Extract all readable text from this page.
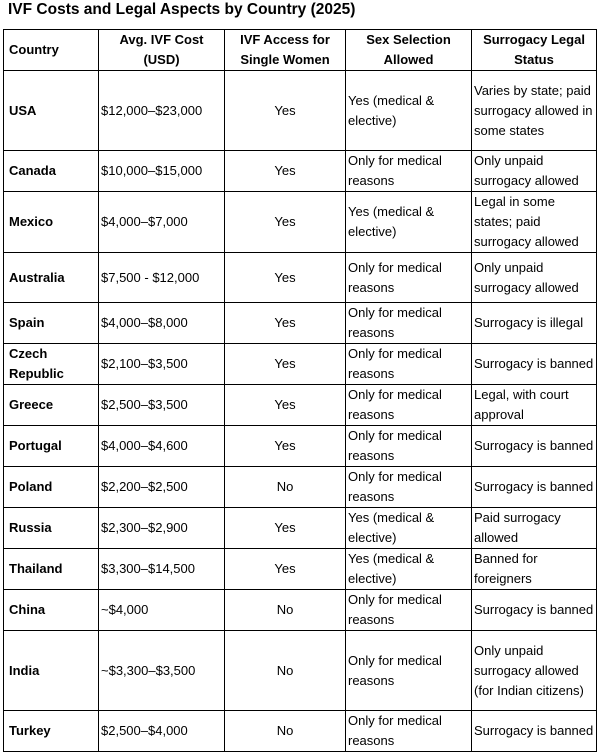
IVF Costs and Legal Aspects by Country (2025)
Country	Avg. IVF Cost (USD)	IVF Access for Single Women	Sex Selection Allowed	Surrogacy Legal Status
USA	$12,000–$23,000	Yes	Yes (medical & elective)	Varies by state; paid surrogacy allowed in some states
Canada	$10,000–$15,000	Yes	Only for medical reasons	Only unpaid surrogacy allowed
Mexico	$4,000–$7,000	Yes	Yes (medical & elective)	Legal in some states; paid surrogacy allowed
Australia	$7,500 - $12,000	Yes	Only for medical reasons	Only unpaid surrogacy allowed
Spain	$4,000–$8,000	Yes	Only for medical reasons	Surrogacy is illegal
Czech Republic	$2,100–$3,500	Yes	Only for medical reasons	Surrogacy is banned
Greece	$2,500–$3,500	Yes	Only for medical reasons	Legal, with court approval
Portugal	$4,000–$4,600	Yes	Only for medical reasons	Surrogacy is banned
Poland	$2,200–$2,500	No	Only for medical reasons	Surrogacy is banned
Russia	$2,300–$2,900	Yes	Yes (medical & elective)	Paid surrogacy allowed
Thailand	$3,300–$14,500	Yes	Yes (medical & elective)	Banned for foreigners
China	~$4,000	No	Only for medical reasons	Surrogacy is banned
India	~$3,300–$3,500	No	Only for medical reasons	Only unpaid surrogacy allowed (for Indian citizens)
Turkey	$2,500–$4,000	No	Only for medical reasons	Surrogacy is banned
